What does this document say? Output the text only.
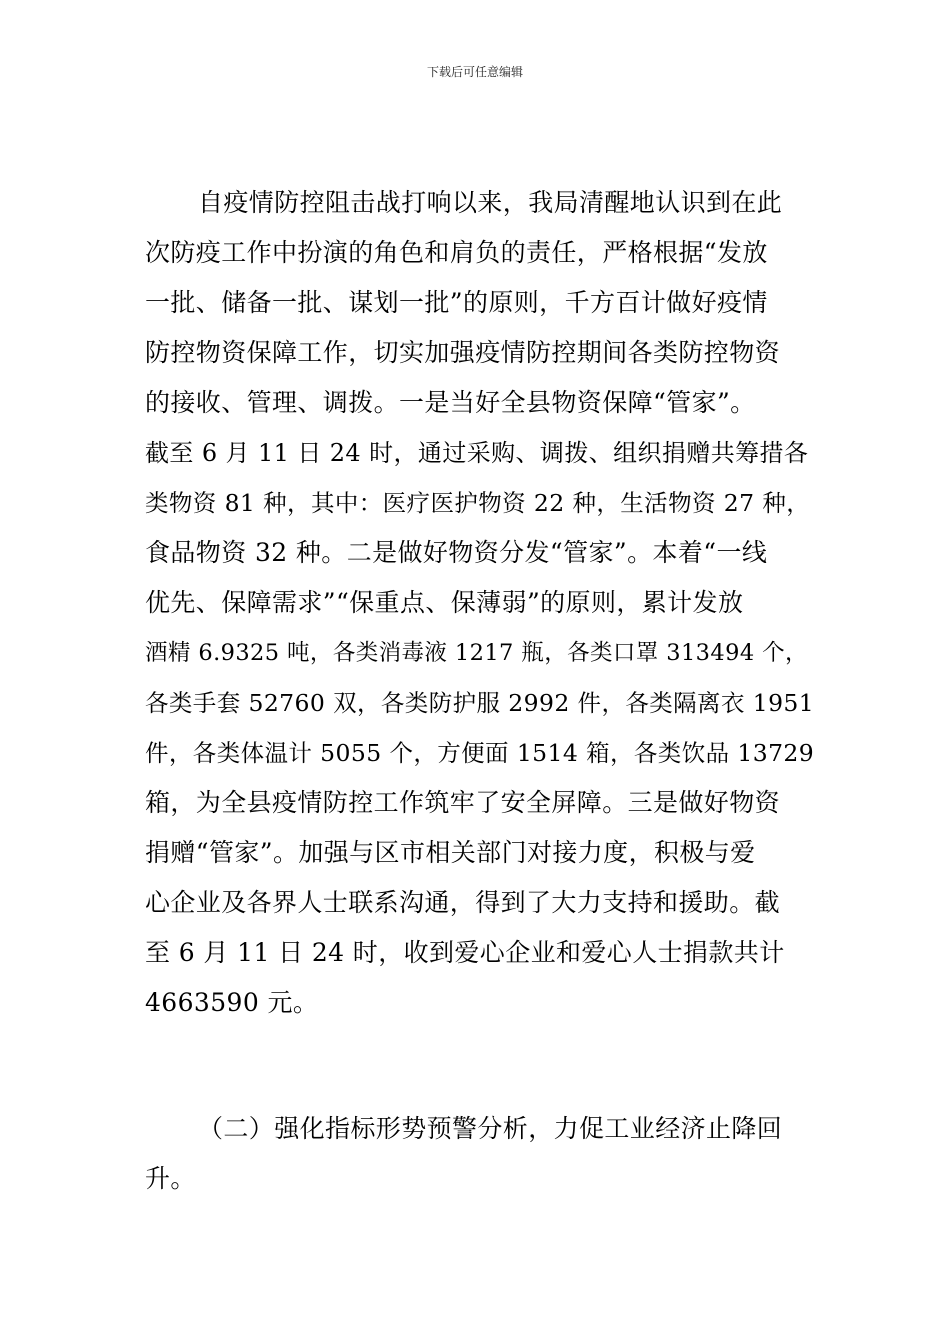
下载后可任意编辑
自疫情防控阻击战打响以来，我局清醒地认识到在此
次防疫工作中扮演的角色和肩负的责任，严格根据“发放
一批、储备一批、谋划一批”的原则，千方百计做好疫情
防控物资保障工作，切实加强疫情防控期间各类防控物资
的接收、管理、调拨。一是当好全县物资保障“管家”。
截至 6 月 11 日 24 时，通过采购、调拨、组织捐赠共筹措各
类物资 81 种，其中：医疗医护物资 22 种，生活物资 27 种，
食品物资 32 种。二是做好物资分发“管家”。本着“一线
优先、保障需求”“保重点、保薄弱”的原则，累计发放
酒精 6.9325 吨，各类消毒液 1217 瓶，各类口罩 313494 个，
各类手套 52760 双，各类防护服 2992 件，各类隔离衣 1951
件，各类体温计 5055 个，方便面 1514 箱，各类饮品 13729
箱，为全县疫情防控工作筑牢了安全屏障。三是做好物资
捐赠“管家”。加强与区市相关部门对接力度，积极与爱
心企业及各界人士联系沟通，得到了大力支持和援助。截
至 6 月 11 日 24 时，收到爱心企业和爱心人士捐款共计
4663590 元。
（二）强化指标形势预警分析，力促工业经济止降回
升。
